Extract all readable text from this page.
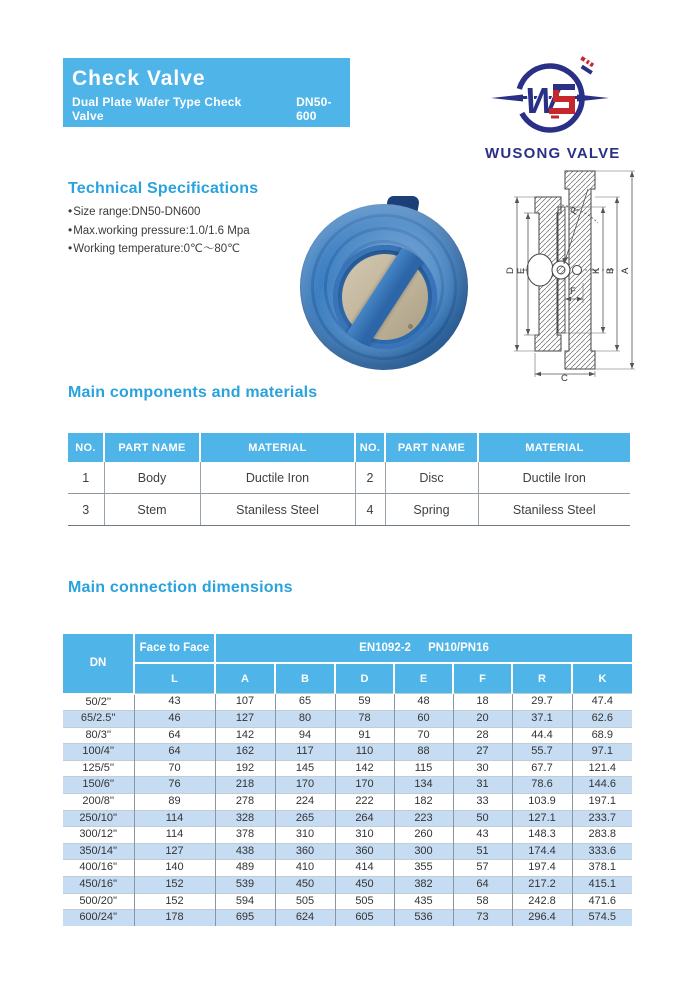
Check Valve
Dual Plate Wafer Type Check Valve
DN50-600	W
WUSONG VALVE
Technical Specifications
• Size range:DN50-DN600
• Max.working pressure:1.0/1.6 Mpa
• Working temperature:0℃～80℃
R
D E
F
K B A
C
Main components and materials
NO.	PART NAME	MATERIAL	NO.	PART NAME	MATERIAL
1	Body	Ductile Iron	2	Disc	Ductile Iron
3	Stem	Staniless Steel	4	Spring	Staniless Steel
Main connection dimensions
DN	Face to Face	EN1092-2 PN10/PN16						
	L	A	B	D	E	F	R	K
50/2''	43	107	65	59	48	18	29.7	47.4
65/2.5''	46	127	80	78	60	20	37.1	62.6
80/3''	64	142	94	91	70	28	44.4	68.9
100/4''	64	162	117	110	88	27	55.7	97.1
125/5''	70	192	145	142	115	30	67.7	121.4
150/6''	76	218	170	170	134	31	78.6	144.6
200/8''	89	278	224	222	182	33	103.9	197.1
250/10''	114	328	265	264	223	50	127.1	233.7
300/12''	114	378	310	310	260	43	148.3	283.8
350/14''	127	438	360	360	300	51	174.4	333.6
400/16''	140	489	410	414	355	57	197.4	378.1
450/16''	152	539	450	450	382	64	217.2	415.1
500/20''	152	594	505	505	435	58	242.8	471.6
600/24''	178	695	624	605	536	73	296.4	574.5
